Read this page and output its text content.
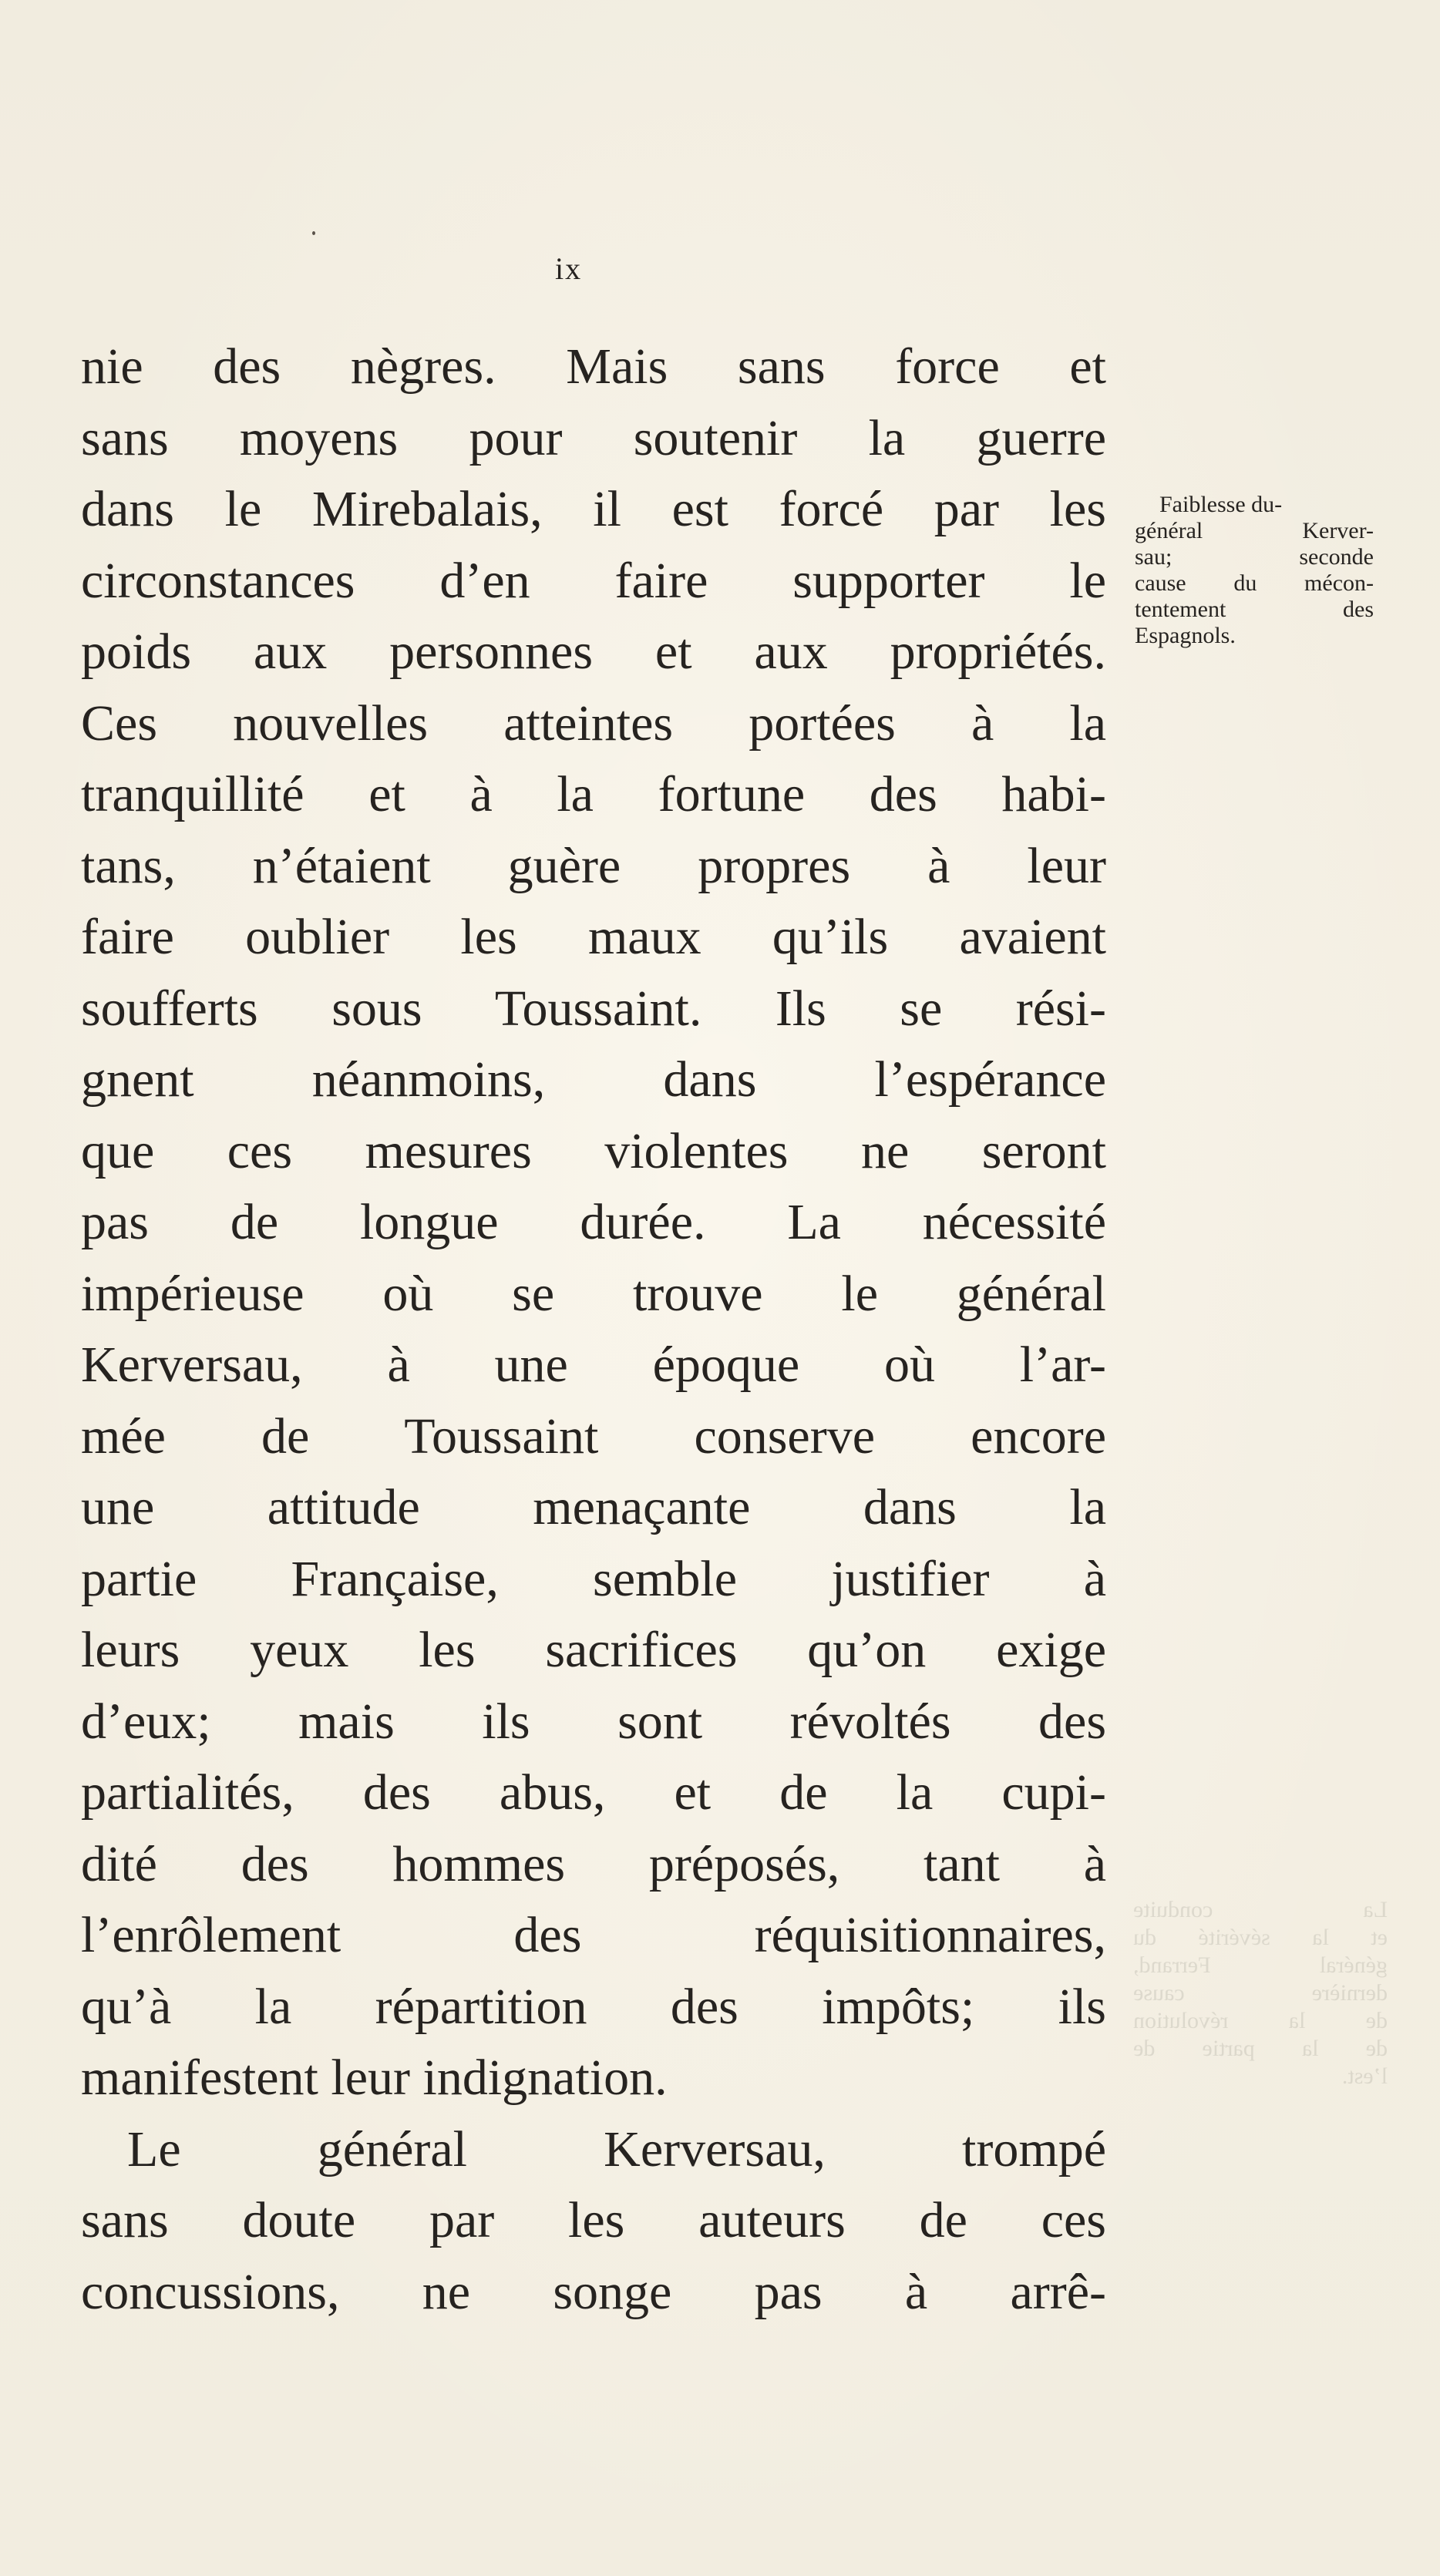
ix
nie des nègres. Mais sans force et
sans moyens pour soutenir la guerre
dans le Mirebalais, il est forcé par les
circonstances d’en faire supporter le
poids aux personnes et aux propriétés.
Ces nouvelles atteintes portées à la
tranquillité et à la fortune des habi-
tans, n’étaient guère propres à leur
faire oublier les maux qu’ils avaient
soufferts sous Toussaint. Ils se rési-
gnent néanmoins, dans l’espérance
que ces mesures violentes ne seront
pas de longue durée. La nécessité
impérieuse où se trouve le général
Kerversau, à une époque où l’ar-
mée de Toussaint conserve encore
une attitude menaçante dans la
partie Française, semble justifier à
leurs yeux les sacrifices qu’on exige
d’eux; mais ils sont révoltés des
partialités, des abus, et de la cupi-
dité des hommes préposés, tant à
l’enrôlement des réquisitionnaires,
qu’à la répartition des impôts; ils
manifestent leur indignation.
Le général Kerversau, trompé
sans doute par les auteurs de ces
concussions, ne songe pas à arrê-
Faiblesse du-
général Kerver-
sau; seconde
cause du mécon-
tentement des
Espagnols.
La conduite
et la sévérité du
général Ferrand,
dernière cause
de la révolution
de la partie de
l’est.
